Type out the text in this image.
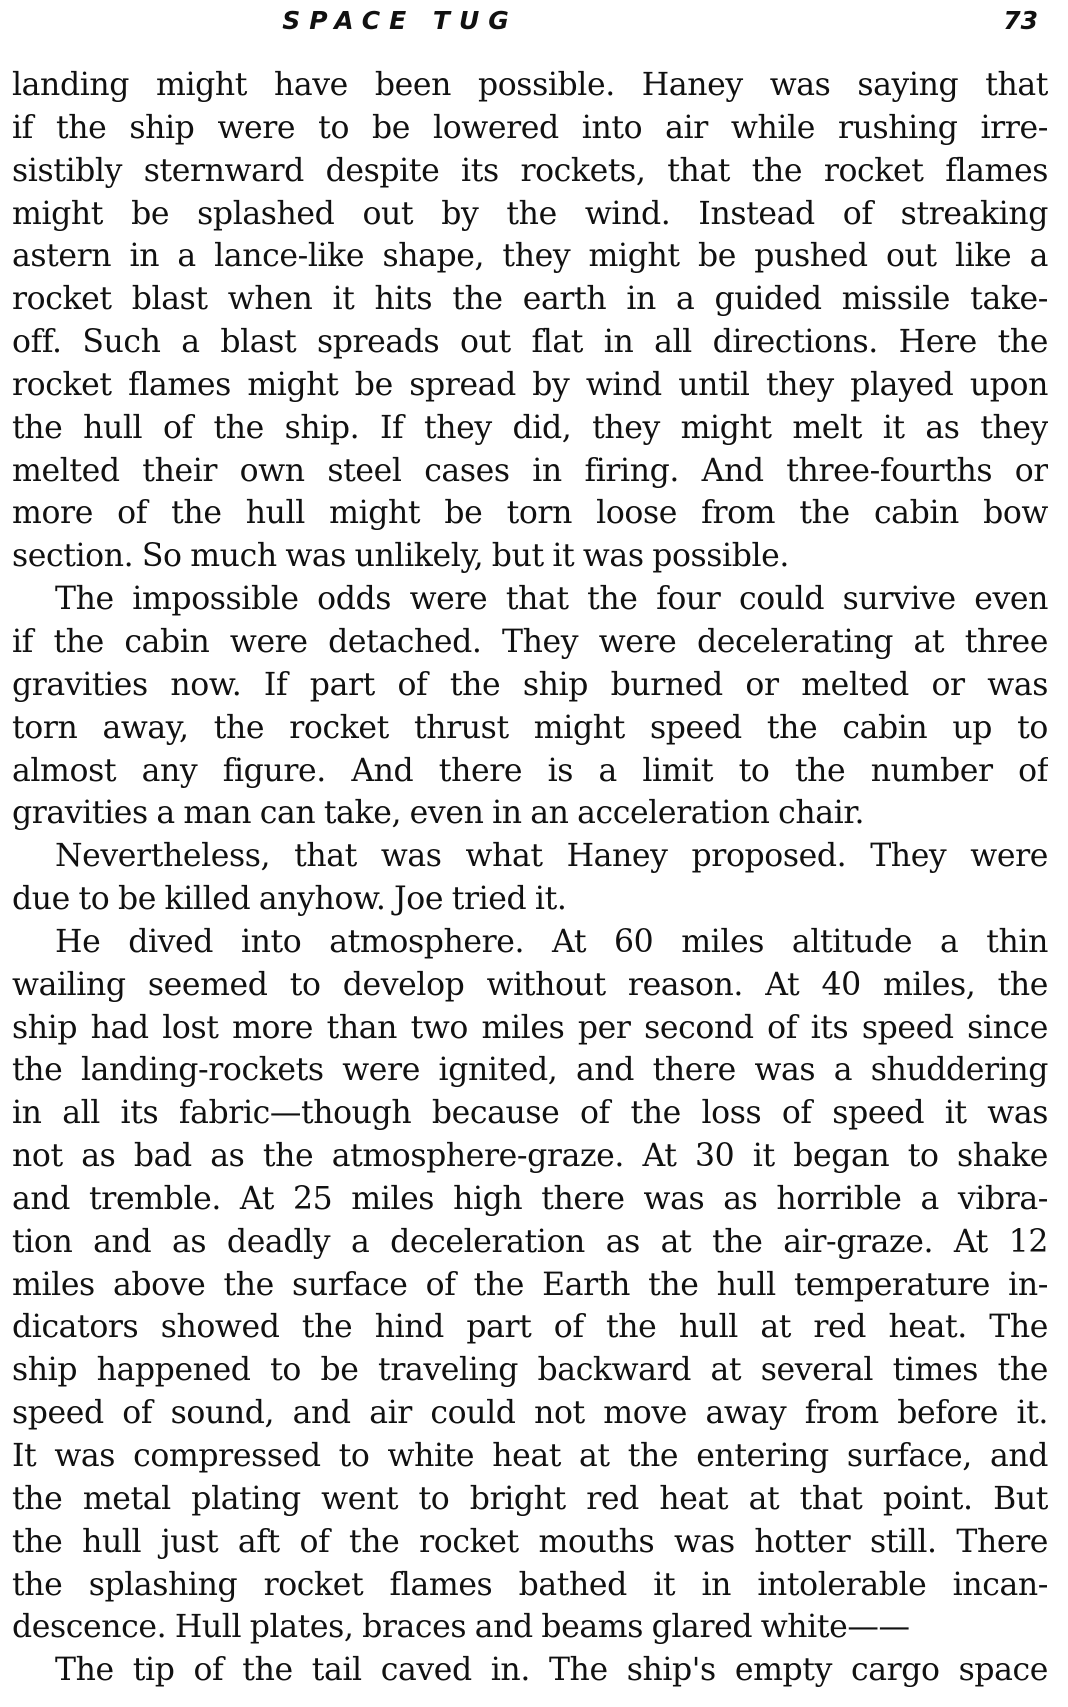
SPACE TUG	73
landing might have been possible. Haney was saying that
if the ship were to be lowered into air while rushing irre-
sistibly sternward despite its rockets, that the rocket flames
might be splashed out by the wind. Instead of streaking
astern in a lance-like shape, they might be pushed out like a
rocket blast when it hits the earth in a guided missile take-
off. Such a blast spreads out flat in all directions. Here the
rocket flames might be spread by wind until they played upon
the hull of the ship. If they did, they might melt it as they
melted their own steel cases in firing. And three-fourths or
more of the hull might be torn loose from the cabin bow
section. So much was unlikely, but it was possible.
The impossible odds were that the four could survive even
if the cabin were detached. They were decelerating at three
gravities now. If part of the ship burned or melted or was
torn away, the rocket thrust might speed the cabin up to
almost any figure. And there is a limit to the number of
gravities a man can take, even in an acceleration chair.
Nevertheless, that was what Haney proposed. They were
due to be killed anyhow. Joe tried it.
He dived into atmosphere. At 60 miles altitude a thin
wailing seemed to develop without reason. At 40 miles, the
ship had lost more than two miles per second of its speed since
the landing-rockets were ignited, and there was a shuddering
in all its fabric—though because of the loss of speed it was
not as bad as the atmosphere-graze. At 30 it began to shake
and tremble. At 25 miles high there was as horrible a vibra-
tion and as deadly a deceleration as at the air-graze. At 12
miles above the surface of the Earth the hull temperature in-
dicators showed the hind part of the hull at red heat. The
ship happened to be traveling backward at several times the
speed of sound, and air could not move away from before it.
It was compressed to white heat at the entering surface, and
the metal plating went to bright red heat at that point. But
the hull just aft of the rocket mouths was hotter still. There
the splashing rocket flames bathed it in intolerable incan-
descence. Hull plates, braces and beams glared white——
The tip of the tail caved in. The ship's empty cargo space
